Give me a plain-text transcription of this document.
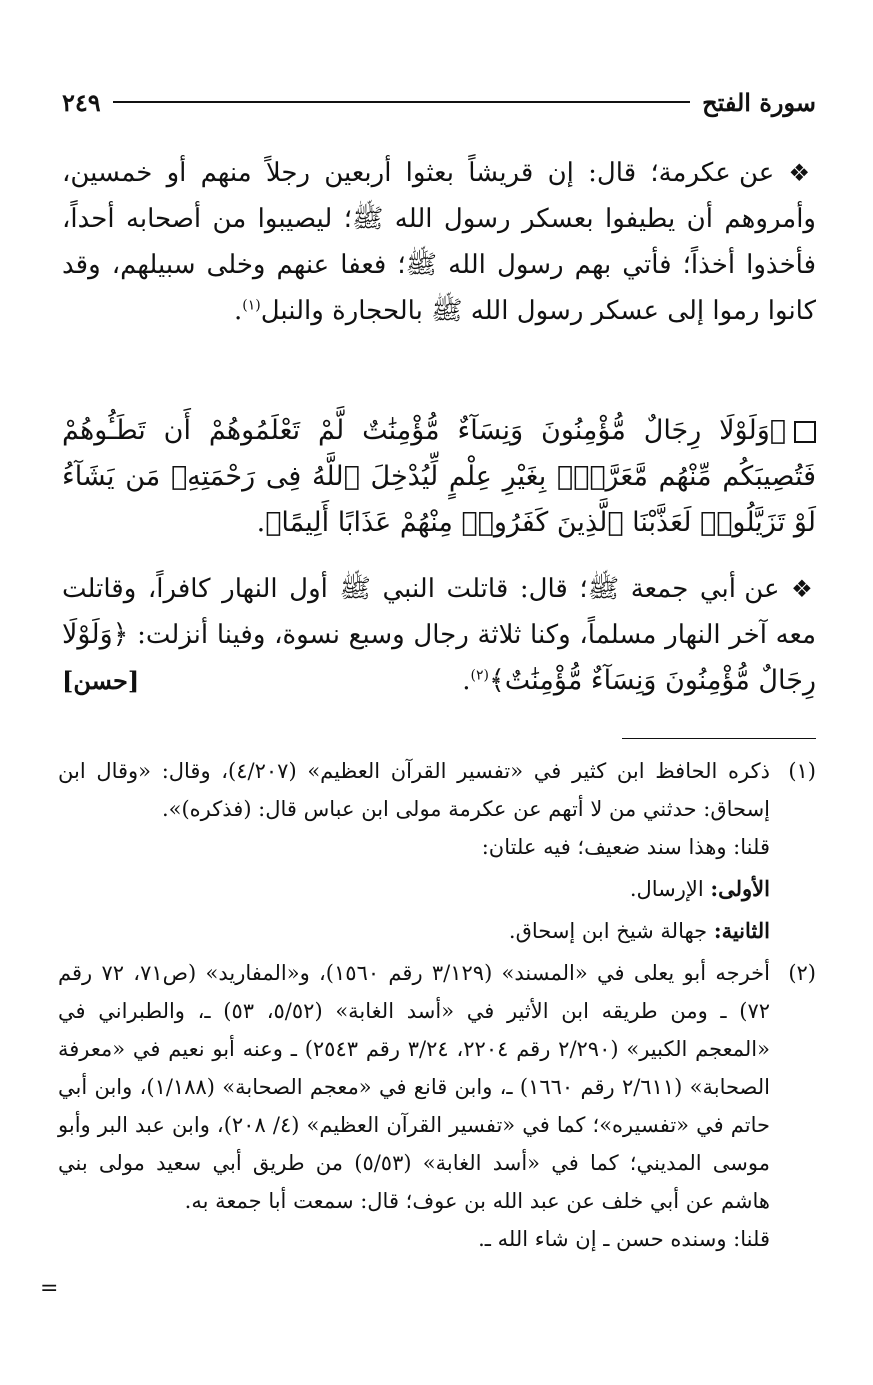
سورة الفتح
٢٤٩
❖ عن عكرمة؛ قال: إن قريشاً بعثوا أربعين رجلاً منهم أو خمسين، وأمروهم أن يطيفوا بعسكر رسول الله ﷺ؛ ليصيبوا من أصحابه أحداً، فأخذوا أخذاً؛ فأتي بهم رسول الله ﷺ؛ فعفا عنهم وخلى سبيلهم، وقد كانوا رموا إلى عسكر رسول الله ﷺ بالحجارة والنبل$^{(١)}$.
﴿وَلَوْلَا رِجَالٌ مُّؤْمِنُونَ وَنِسَآءٌ مُّؤْمِنَٰتٌ لَّمْ تَعْلَمُوهُمْ أَن تَطَـُٔوهُمْ فَتُصِيبَكُم مِّنْهُم مَّعَرَّةٌۢ بِغَيْرِ عِلْمٍ لِّيُدْخِلَ ٱللَّهُ فِى رَحْمَتِهِۦ مَن يَشَآءُ لَوْ تَزَيَّلُوا۟ لَعَذَّبْنَا ٱلَّذِينَ كَفَرُوا۟ مِنْهُمْ عَذَابًا أَلِيمًا﴾.
❖ عن أبي جمعة ﷺ؛ قال: قاتلت النبي ﷺ أول النهار كافراً، وقاتلت معه آخر النهار مسلماً، وكنا ثلاثة رجال وسبع نسوة، وفينا أنزلت: ﴿وَلَوْلَا رِجَالٌ مُّؤْمِنُونَ وَنِسَآءٌ مُّؤْمِنَٰتٌ﴾$^{(٢)}$.
[حسن]
(١)

ذكره الحافظ ابن كثير في «تفسير القرآن العظيم» (٤/٢٠٧)، وقال: «وقال ابن إسحاق: حدثني من لا أتهم عن عكرمة مولى ابن عباس قال: (فذكره)».

قلنا: وهذا سند ضعيف؛ فيه علتان:

الأولى: الإرسال.

الثانية: جهالة شيخ ابن إسحاق.

(٢)

أخرجه أبو يعلى في «المسند» (٣/١٢٩ رقم ١٥٦٠)، و«المفاريد» (ص٧١، ٧٢ رقم ٧٢) ـ ومن طريقه ابن الأثير في «أسد الغابة» (٥/٥٢، ٥٣) ـ، والطبراني في «المعجم الكبير» (٢/٢٩٠ رقم ٢٢٠٤، ٣/٢٤ رقم ٢٥٤٣) ـ وعنه أبو نعيم في «معرفة الصحابة» (٢/٦١١ رقم ١٦٦٠) ـ، وابن قانع في «معجم الصحابة» (١/١٨٨)، وابن أبي حاتم في «تفسيره»؛ كما في «تفسير القرآن العظيم» (٤/ ٢٠٨)، وابن عبد البر وأبو موسى المديني؛ كما في «أسد الغابة» (٥/٥٣) من طريق أبي سعيد مولى بني هاشم عن أبي خلف عن عبد الله بن عوف؛ قال: سمعت أبا جمعة به.

قلنا: وسنده حسن ـ إن شاء الله ـ.

=
